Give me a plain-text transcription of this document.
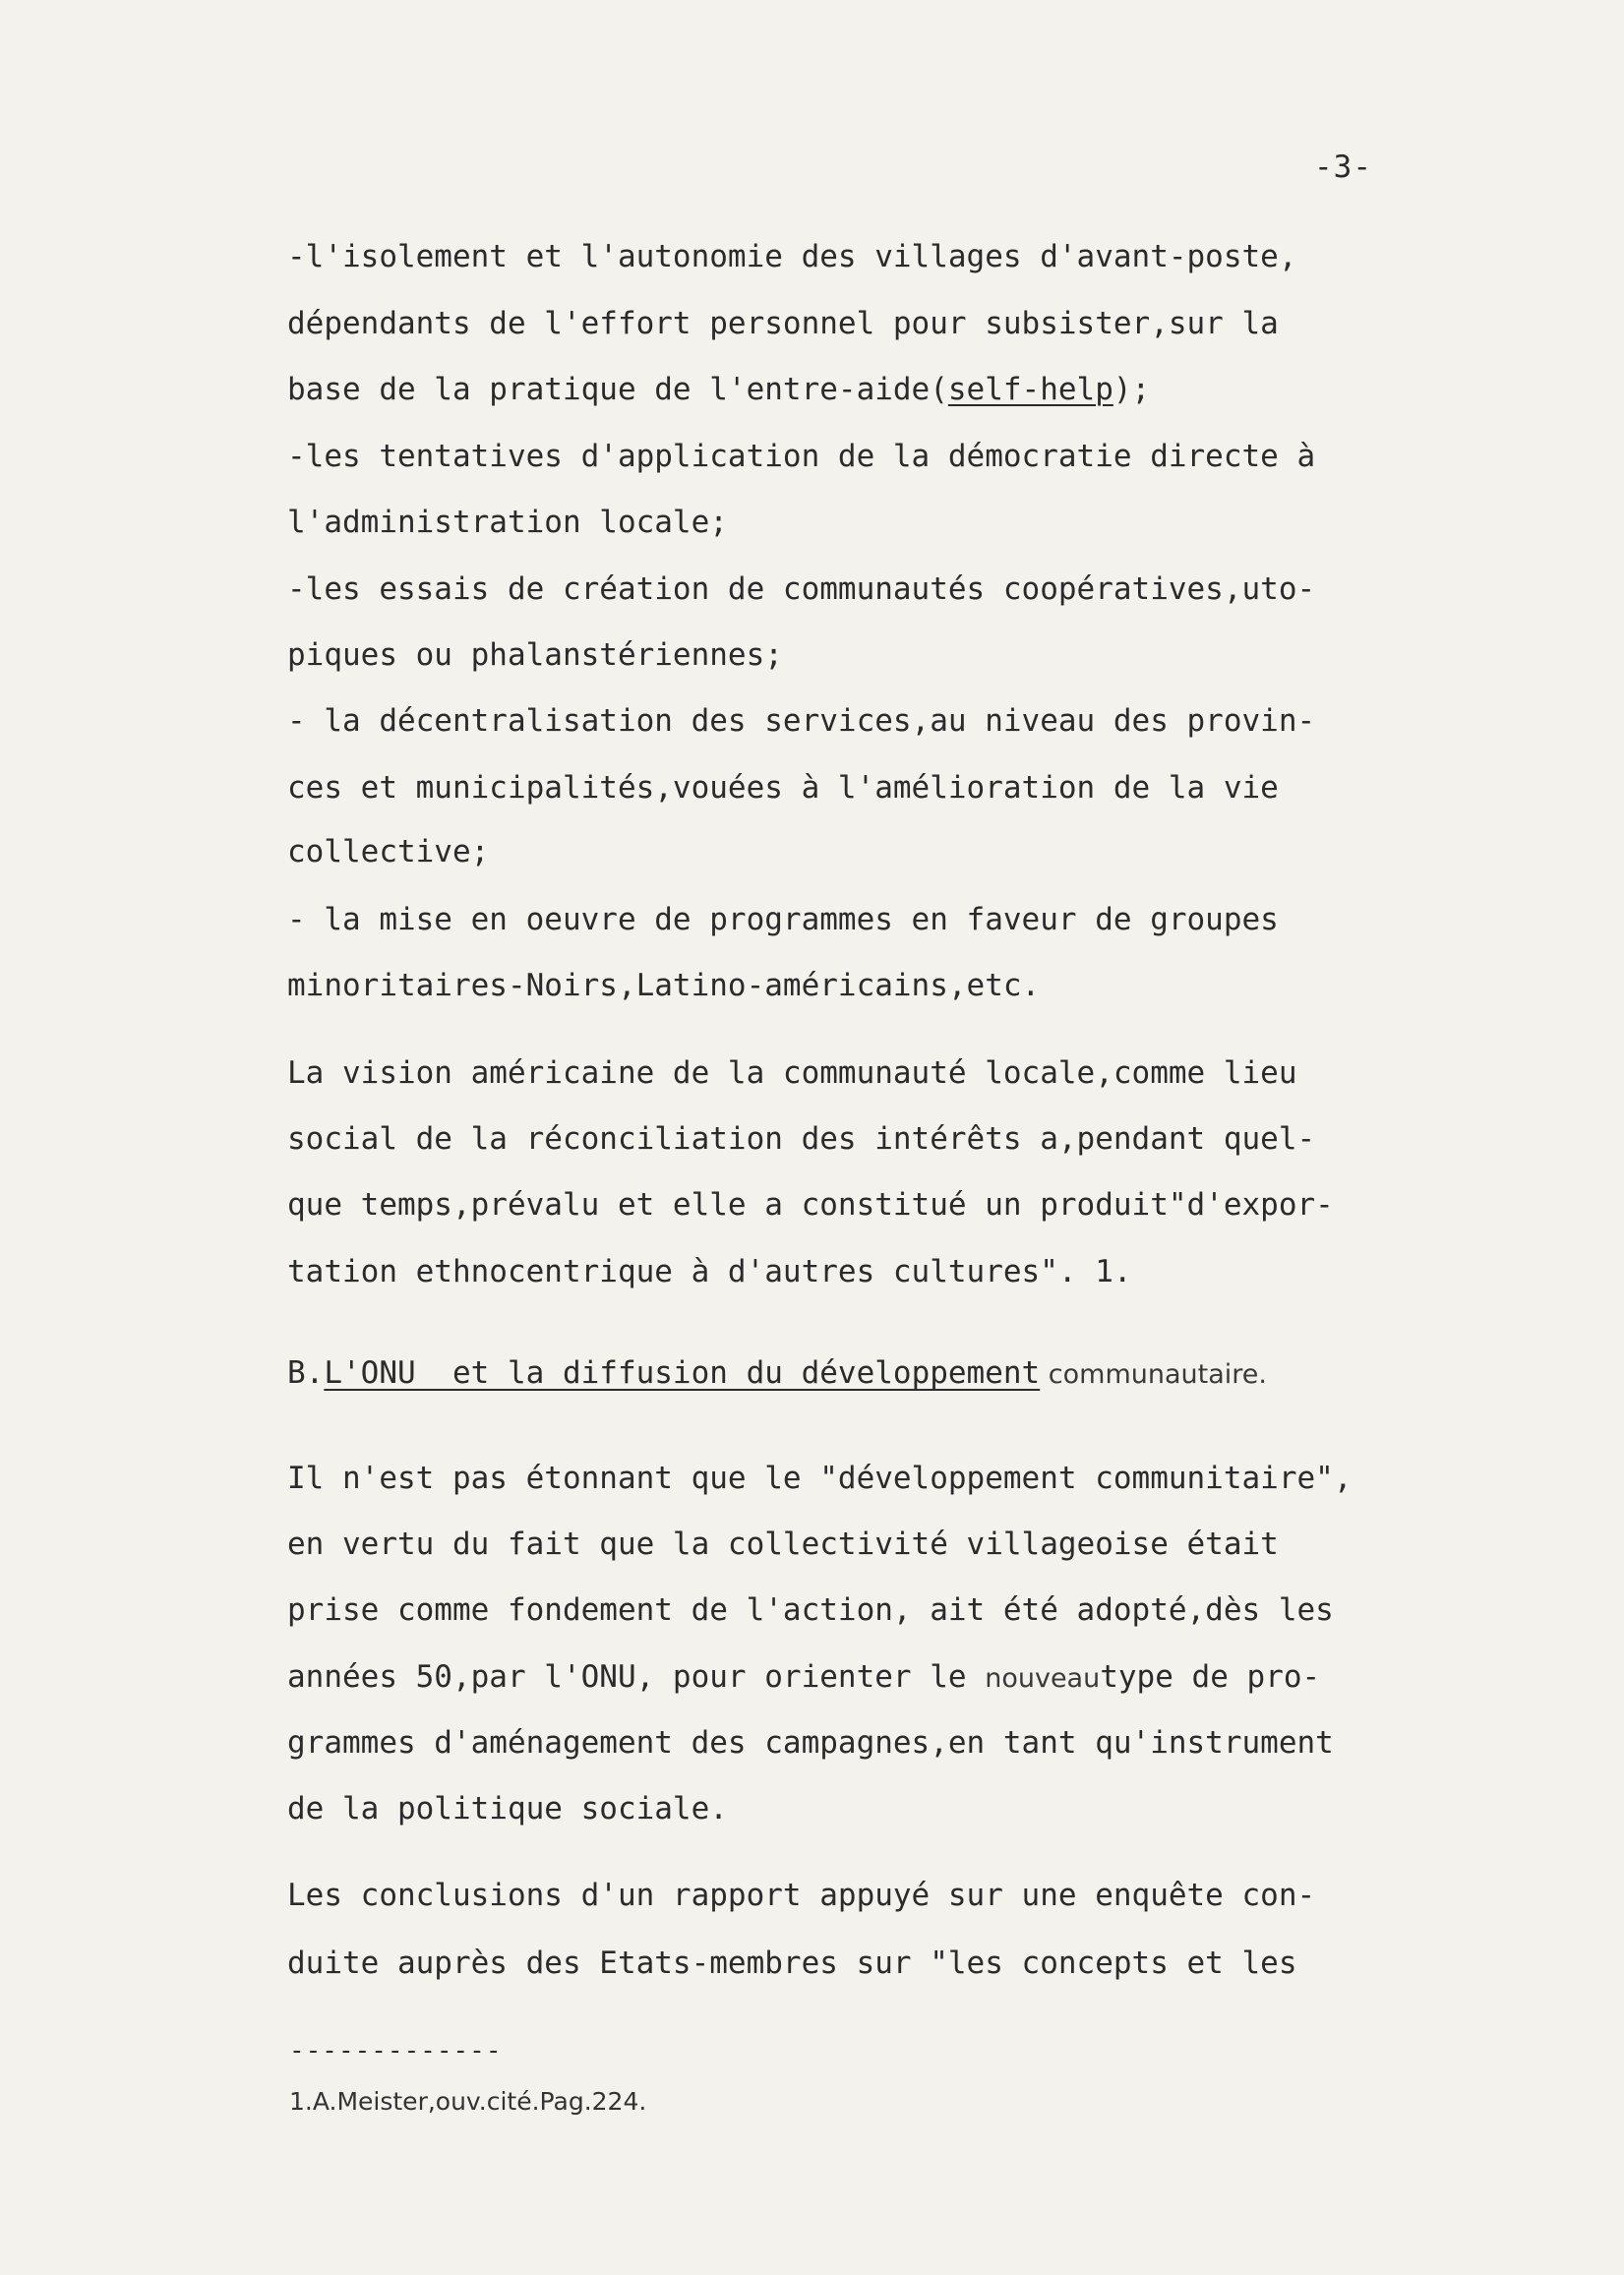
-3-
-l'isolement et l'autonomie des villages d'avant-poste,
dépendants de l'effort personnel pour subsister,sur la
base de la pratique de l'entre-aide(self-help);
-les tentatives d'application de la démocratie directe à
l'administration locale;
-les essais de création de communautés coopératives,uto-
piques ou phalanstériennes;
- la décentralisation des services,au niveau des provin-
ces et municipalités,vouées à l'amélioration de la vie
collective;
- la mise en oeuvre de programmes en faveur de groupes
minoritaires-Noirs,Latino-américains,etc.
La vision américaine de la communauté locale,comme lieu
social de la réconciliation des intérêts a,pendant quel-
que temps,prévalu et elle a constitué un produit"d'expor-
tation ethnocentrique à d'autres cultures". 1.
B.L'ONU  et la diffusion du développement communautaire.
Il n'est pas étonnant que le "développement communitaire",
en vertu du fait que la collectivité villageoise était
prise comme fondement de l'action, ait été adopté,dès les
années 50,par l'ONU, pour orienter le nouveautype de pro-
grammes d'aménagement des campagnes,en tant qu'instrument
de la politique sociale.
Les conclusions d'un rapport appuyé sur une enquête con-
duite auprès des Etats-membres sur "les concepts et les
-------------
1.A.Meister,ouv.cité.Pag.224.
